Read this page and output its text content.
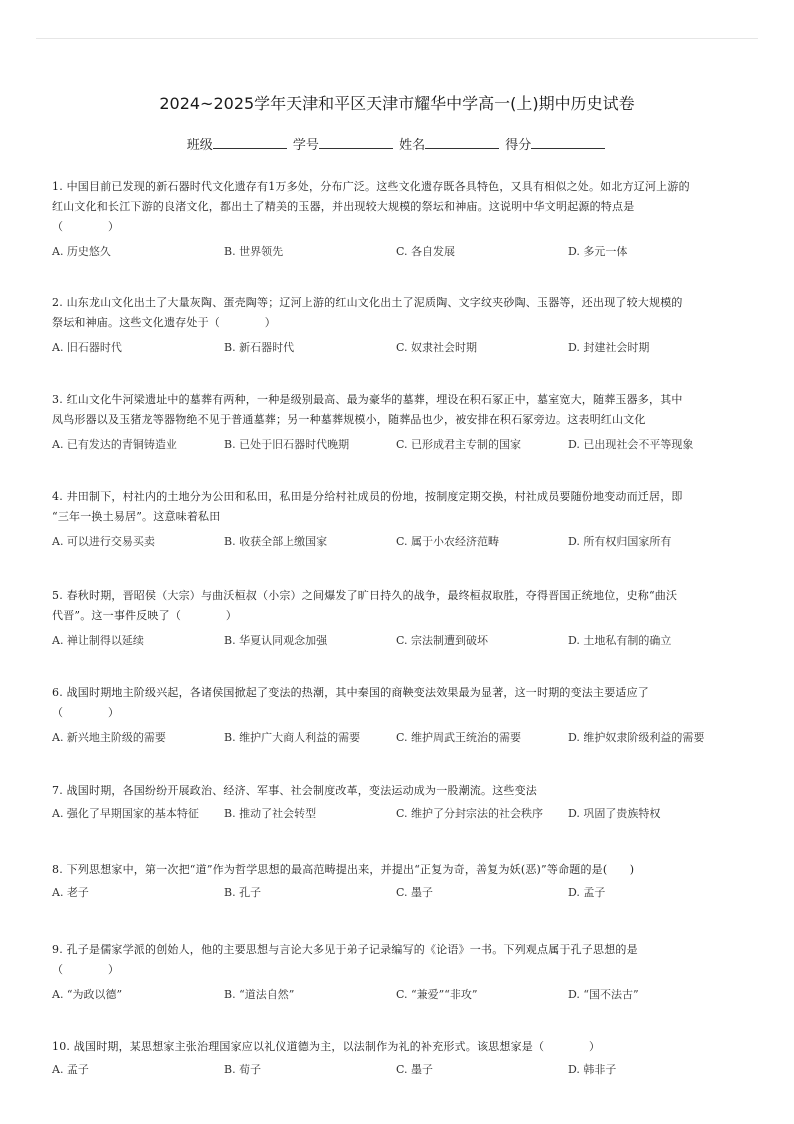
2024~2025学年天津和平区天津市耀华中学高一(上)期中历史试卷
班级	学号	姓名	得分
1. 中国目前已发现的新石器时代文化遗存有1万多处，分布广泛。这些文化遗存既各具特色，又具有相似之处。如北方辽河上游的
红山文化和长江下游的良渚文化，都出土了精美的玉器，并出现较大规模的祭坛和神庙。这说明中华文明起源的特点是
（　　　　）
A. 历史悠久	B. 世界领先	C. 各自发展	D. 多元一体
2. 山东龙山文化出土了大量灰陶、蛋壳陶等；辽河上游的红山文化出土了泥质陶、文字纹夹砂陶、玉器等，还出现了较大规模的
祭坛和神庙。这些文化遗存处于（　　　　）
A. 旧石器时代	B. 新石器时代	C. 奴隶社会时期	D. 封建社会时期
3. 红山文化牛河梁遗址中的墓葬有两种，一种是级别最高、最为豪华的墓葬，埋设在积石冢正中，墓室宽大，随葬玉器多，其中
凤鸟形器以及玉猪龙等器物绝不见于普通墓葬；另一种墓葬规模小，随葬品也少，被安排在积石冢旁边。这表明红山文化
A. 已有发达的青铜铸造业	B. 已处于旧石器时代晚期	C. 已形成君主专制的国家	D. 已出现社会不平等现象
4. 井田制下，村社内的土地分为公田和私田，私田是分给村社成员的份地，按制度定期交换，村社成员要随份地变动而迁居，即
“三年一换土易居”。这意味着私田
A. 可以进行交易买卖	B. 收获全部上缴国家	C. 属于小农经济范畴	D. 所有权归国家所有
5. 春秋时期，晋昭侯（大宗）与曲沃桓叔（小宗）之间爆发了旷日持久的战争，最终桓叔取胜，夺得晋国正统地位，史称“曲沃
代晋”。这一事件反映了（　　　　）
A. 禅让制得以延续	B. 华夏认同观念加强	C. 宗法制遭到破坏	D. 土地私有制的确立
6. 战国时期地主阶级兴起，各诸侯国掀起了变法的热潮，其中秦国的商鞅变法效果最为显著，这一时期的变法主要适应了
（　　　　）
A. 新兴地主阶级的需要	B. 维护广大商人利益的需要	C. 维护周武王统治的需要	D. 维护奴隶阶级利益的需要
7. 战国时期，各国纷纷开展政治、经济、军事、社会制度改革，变法运动成为一股潮流。这些变法
A. 强化了早期国家的基本特征 B. 推动了社会转型	C. 维护了分封宗法的社会秩序 D. 巩固了贵族特权
8. 下列思想家中，第一次把“道”作为哲学思想的最高范畴提出来，并提出“正复为奇，善复为妖(恶)”等命题的是(　　)
A. 老子	B. 孔子	C. 墨子	D. 孟子
9. 孔子是儒家学派的创始人，他的主要思想与言论大多见于弟子记录编写的《论语》一书。下列观点属于孔子思想的是
（　　　　）
A. “为政以德”	B. “道法自然”	C. “兼爱”“非攻”	D. “国不法古”
10. 战国时期，某思想家主张治理国家应以礼仪道德为主，以法制作为礼的补充形式。该思想家是（　　　　）
A. 孟子	B. 荀子	C. 墨子	D. 韩非子
